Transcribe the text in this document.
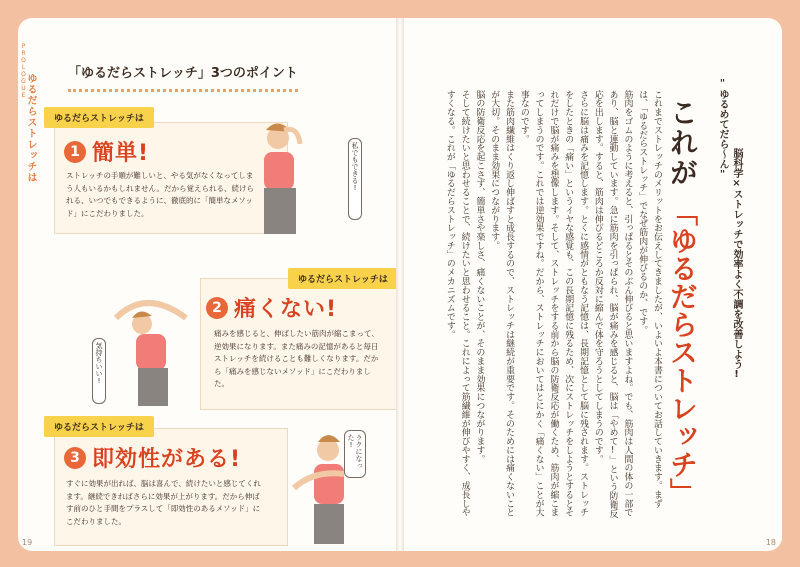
PROLOGUE
ゆるだらストレッチは 「ゆるだらストレッチ」3つのポイント
ゆるだらストレッチは
1 簡単!
ストレッチの手順が難しいと、やる気がなくなってしまう人もいるかもしれません。だから覚えられる、続けられる、いつでもできるように、徹底的に「簡単なメソッド」にこだわりました。
私でもできる!
ゆるだらストレッチは
2 痛くない!
痛みを感じると、伸ばしたい筋肉が縮こまって、逆効果になります。また痛みの記憶があると毎日ストレッチを続けることも難しくなります。だから「痛みを感じないメソッド」にこだわりました。
気持ちいい!
ゆるだらストレッチは
3 即効性がある!
すぐに効果が出れば、脳は喜んで、続けたいと感じてくれます。継続できればさらに効果が上がります。だから伸ばす前のひと手間をプラスして「即効性のあるメソッド」にこだわりました。
ラクになった!
19
"ゆるめてだら〜ん"
脳科学×ストレッチで効率よく不調を改善しよう!
これが
「ゆるだらストレッチ」
これまでストレッチのメリットをお伝えしてきましたが、いよいよ本書についてお話していきます。まずは、「ゆるだらストレッチ」でなぜ筋肉が伸びるのか、です。
筋肉をゴムのように考えると、引っぱるとそのぶん伸びると思いますよね。でも、筋肉は人間の体の一部であり、脳と連動しています。急に筋肉を引っぱられ、脳が痛みを感じると、脳は「やめて!」という防衛反応を出します。すると、筋肉は伸びるどころか反対に縮んで体を守ろうとしてしまうのです。
さらに脳は痛みを記憶します。とくに感情がともなう記憶は、長期記憶として脳に残されます。ストレッチをしたときの「痛い」というイヤな感覚も、この長期記憶に残るため、次にストレッチをしようとするとそれだけで脳が痛みを想像します。そして、ストレッチをする前から脳の防衛反応が働くため、筋肉が縮こまってしまうのです。これでは逆効果ですね。だから、ストレッチにおいてはとにかく「痛くない」ことが大事なのです。
また筋肉繊維はくり返し伸ばすと成長するので、ストレッチは継続が重要です。そのためには痛くないことが大切。そのまま効果につながります。
脳の防衛反応を起こさず、簡単さや楽しさ、痛くないことが、そのまま効果につながります。
そして続けたいと思わせることで、続けたいと思わせること。これによって筋繊維が伸びやすく、成長しやすくなる。これが「ゆるだらストレッチ」のメカニズムです。
18
